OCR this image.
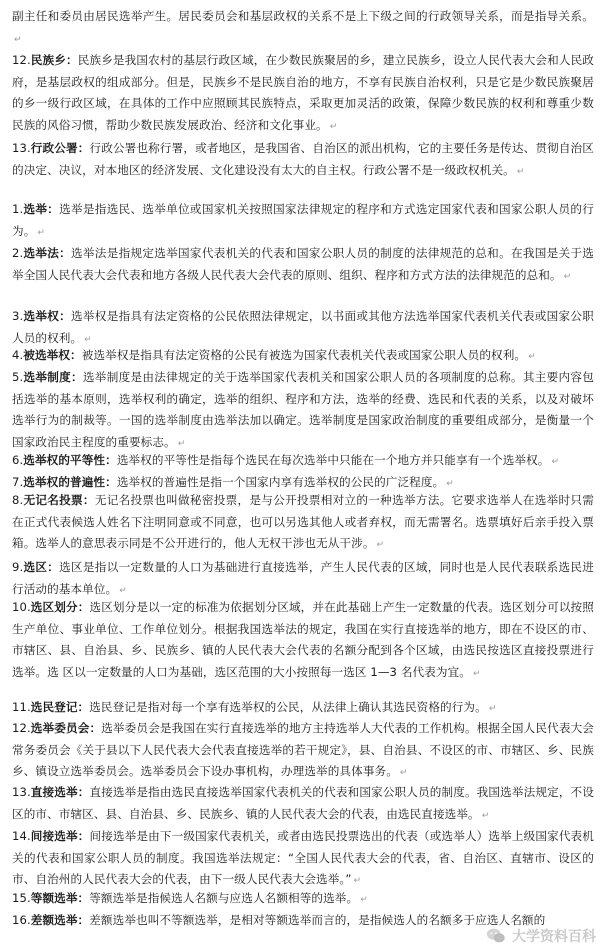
副主任和委员由居民选举产生。居民委员会和基层政权的关系不是上下级之间的行政领导关系，而是指导关系。↵

12.民族乡：民族乡是我国农村的基层行政区域，在少数民族聚居的乡，建立民族乡，设立人民代表大会和人民政府，是基层政权的组成部分。但是，民族乡不是民族自治的地方，不享有民族自治权利，只是它是少数民族聚居的乡一级行政区域，在具体的工作中应照顾其民族特点，采取更加灵活的政策，保障少数民族的权利和尊重少数民族的风俗习惯，帮助少数民族发展政治、经济和文化事业。 ↵

13.行政公署：行政公署也称行署，或者地区，是我国省、自治区的派出机构，它的主要任务是传达、贯彻自治区的决定、决议，对本地区的经济发展、文化建设没有太大的自主权。行政公署不是一级政权机关。 ↵

1.选举：选举是指选民、选举单位或国家机关按照国家法律规定的程序和方式选定国家代表和国家公职人员的行为。 ↵

2.选举法：选举法是指规定选举国家代表机关的代表和国家公职人员的制度的法律规范的总和。在我国是关于选举全国人民代表大会代表和地方各级人民代表大会代表的原则、组织、程序和方式方法的法律规范的总和。 ↵

3.选举权：选举权是指具有法定资格的公民依照法律规定，以书面或其他方法选举国家代表机关代表或国家公职人员的权利。 ↵

4.被选举权：被选举权是指具有法定资格的公民有被选为国家代表机关代表或国家公职人员的权利。 ↵

5.选举制度：选举制度是由法律规定的关于选举国家代表机关和国家公职人员的各项制度的总称。其主要内容包括选举的基本原则，选举权利的确定，选举的组织、程序和方法，选举的经费、选民和代表的关系，以及对破坏选举行为的制裁等。一国的选举制度由选举法加以确定。选举制度是国家政治制度的重要组成部分，是衡量一个国家政治民主程度的重要标志。 ↵

6.选举权的平等性：选举权的平等性是指每个选民在每次选举中只能在一个地方并只能享有一个选举权。 ↵

7.选举权的普遍性：选举权的普遍性是指一个国家内享有选举权的公民的广泛程度。 ↵

8.无记名投票：无记名投票也叫做秘密投票，是与公开投票相对立的一种选举方法。它要求选举人在选举时只需在正式代表候选人姓名下注明同意或不同意，也可以另选其他人或者弃权，而无需署名。选票填好后亲手投入票箱。选举人的意思表示同是不公开进行的，他人无权干涉也无从干涉。 ↵

9.选区：选区是指以一定数量的人口为基础进行直接选举，产生人民代表的区域，同时也是人民代表联系选民进行活动的基本单位。 ↵

10.选区划分：选区划分是以一定的标准为依据划分区域，并在此基础上产生一定数量的代表。选区划分可以按照生产单位、事业单位、工作单位划分。根据我国选举法的规定，我国在实行直接选举的地方，即在不设区的市、市辖区、县、自治县、乡、民族乡、镇的人民代表大会代表的名额分配到各个区域，由选民按选区直接投票进行选举。选 区以一定数量的人口为基础，选区范围的大小按照每一选区 1—3 名代表为宜。 ↵

11.选民登记：选民登记是指对每一个享有选举权的公民，从法律上确认其选民资格的行为。 ↵

12.选举委员会：选举委员会是我国在实行直接选举的地方主持选举人大代表的工作机构。根据全国人民代表大会常务委员会《关于县以下人民代表大会代表直接选举的若干规定》，县、自治县、不设区的市、市辖区、乡、民族乡、镇设立选举委员会。选举委员会下设办事机构，办理选举的具体事务。 ↵

13.直接选举：直接选举是指由选民直接选举国家代表机关的代表和国家公职人员的制度。我国选举法规定，不设区的市、市辖区、县、自治县、乡、民族乡、镇的人民代表大会的代表，由选民直接选举。 ↵

14.间接选举：间接选举是由下一级国家代表机关，或者由选民投票选出的代表（或选举人）选举上级国家代表机关的代表和国家公职人员的制度。我国选举法规定：“全国人民代表大会的代表，省、自治区、直辖市、设区的市、自治州的人民代表大会的代表，由下一级人民代表大会选举。” ↵

15.等额选举：等额选举是指候选人名额与应选人名额相等的选举。 ↵

16.差额选举：差额选举也叫不等额选举，是相对等额选举而言的，是指候选人的名额多于应选人名额的

大学资料百科
